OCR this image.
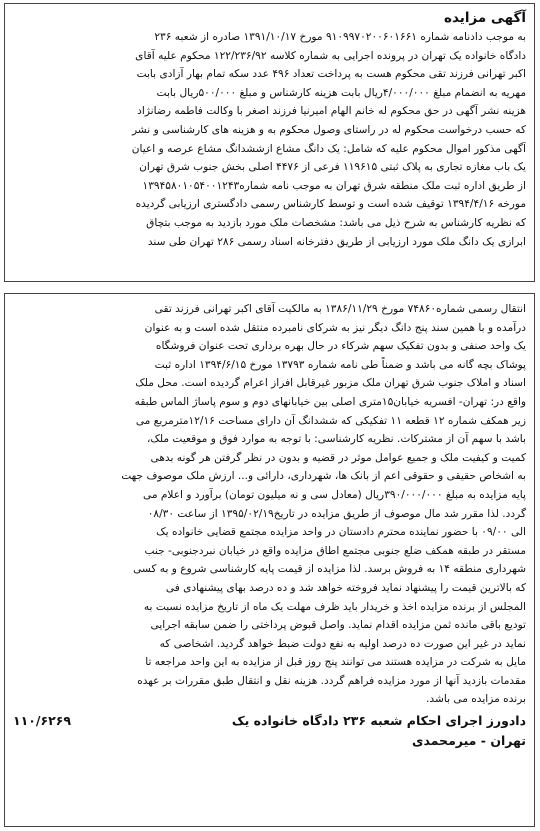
آگهی مزایده
به موجب دادنامه شماره ۹۱۰۹۹۷۰۲۰۰۶۰۱۶۶۱ مورخ ۱۳۹۱/۱۰/۱۷ صادره از شعبه ۲۳۶
دادگاه خانواده یک تهران در پرونده اجرایی به شماره کلاسه ۱۲۲/۲۳۶/۹۲ محکوم علیه آقای
اکبر تهرانی فرزند تقی محکوم هست به پرداخت تعداد ۴۹۶ عدد سکه تمام بهار آزادی بابت
مهریه به انضمام مبلغ ۴/۰۰۰/۰۰۰ریال بابت هزینه کارشناس و مبلغ ۵۰۰/۰۰۰ریال بابت
هزینه نشر آگهی در حق محکوم له خانم الهام امیرنیا فرزند اصغر با وکالت فاطمه رضانژاد
که حسب درخواست محکوم له در راستای وصول محکوم به و هزینه های کارشناسی و نشر
آگهی مذکور اموال محکوم علیه که شامل: یک دانگ مشاع ازششدانگ مشاع عرصه و اعیان
یک باب مغازه تجاری به پلاک ثبتی ۱۱۹۶۱۵ فرعی از ۴۴۷۶ اصلی بخش جنوب شرق تهران
از طریق اداره ثبت ملک منطقه شرق تهران به موجب نامه شماره۱۳۹۴۵۸۰۱۰۵۴۰۰۱۲۴۳
مورخه ۱۳۹۴/۴/۱۶ توقیف شده است و توسط کارشناس رسمی دادگستری ارزیابی گردیده
که نظریه کارشناس به شرح ذیل می باشد: مشخصات ملک مورد بازدید به موجب بتچاق
ابرازی یک دانگ ملک مورد ارزیابی از طریق دفترخانه اسناد رسمی ۲۸۶ تهران طی سند
انتقال رسمی شماره۷۴۸۶۰ مورخ ۱۳۸۶/۱۱/۲۹ به مالکیت آقای اکبر تهرانی فرزند تقی
درآمده و با همین سند پنج دانگ دیگر نیز به شرکای نامبرده منتقل شده است و به عنوان
یک واحد صنفی و بدون تفکیک سهم شرکاء در حال بهره برداری تحت عنوان فروشگاه
پوشاک بچه گانه می باشد و ضمناً طی نامه شماره ۱۳۷۹۳ مورخ ۱۳۹۴/۶/۱۵ اداره ثبت
اسناد و املاک جنوب شرق تهران ملک مزبور غیرقابل افراز اعرام گردیده است. محل ملک
واقع در: تهران- افسریه خیابان۱۵متری اصلی بین خیابانهای دوم و سوم پاساژ الماس طبقه
زیر همکف شماره ۱۲ قطعه ۱۱ تفکیکی که ششدانگ آن دارای مساحت ۱۲/۱۶مترمربع می
باشد با سهم آن از مشترکات. نظریه کارشناسی: با توجه به موارد فوق و موقعیت ملک،
کمیت و کیفیت ملک و جمیع عوامل موثر در قضیه و بدون در نظر گرفتن هر گونه بدهی
به اشخاص حقیقی و حقوقی اعم از بانک ها، شهرداری، دارائی و... ارزش ملک موصوف جهت
پایه مزایده به مبلغ ۳۹۰/۰۰۰/۰۰۰ریال (معادل سی و نه میلیون تومان) برآورد و اعلام می
گردد. لذا مقرر شد مال موصوف از طریق مزایده در تاریخ۱۳۹۵/۰۲/۱۹ از ساعت ۰۸/۳۰
الی ۰۹/۰۰ با حضور نماینده محترم دادستان در واحد مزایده مجتمع قضایی خانواده یک
مستقر در طبقه همکف ضلع جنوبی مجتمع اطاق مزایده واقع در خیابان نبردجنوبی- جنب
شهرداری منطقه ۱۴ به فروش برسد. لذا مزایده از قیمت پایه کارشناسی شروع و به کسی
که بالاترین قیمت را پیشنهاد نماید فروخته خواهد شد و ده درصد بهای پیشنهادی فی
المجلس از برنده مزایده اخذ و خریدار باید ظرف مهلت یک ماه از تاریخ مزایده نسبت به
تودیع باقی مانده ثمن مزایده اقدام نماید. واصل قبوض پرداختی را ضمن سابقه اجرایی
نماید در غیر این صورت ده درصد اولیه به نفع دولت ضبط خواهد گردید. اشخاصی که
مایل به شرکت در مزایده هستند می توانند پنج روز قبل از مزایده به این واحد مراجعه تا
مقدمات بازدید آنها از مورد مزایده فراهم گردد. هزینه نقل و انتقال طبق مقررات بر عهده
برنده مزایده می باشد.
دادورز اجرای احکام شعبه ۲۳۶ دادگاه خانواده یک
۱۱۰/۶۲۶۹
تهران - میرمحمدی
